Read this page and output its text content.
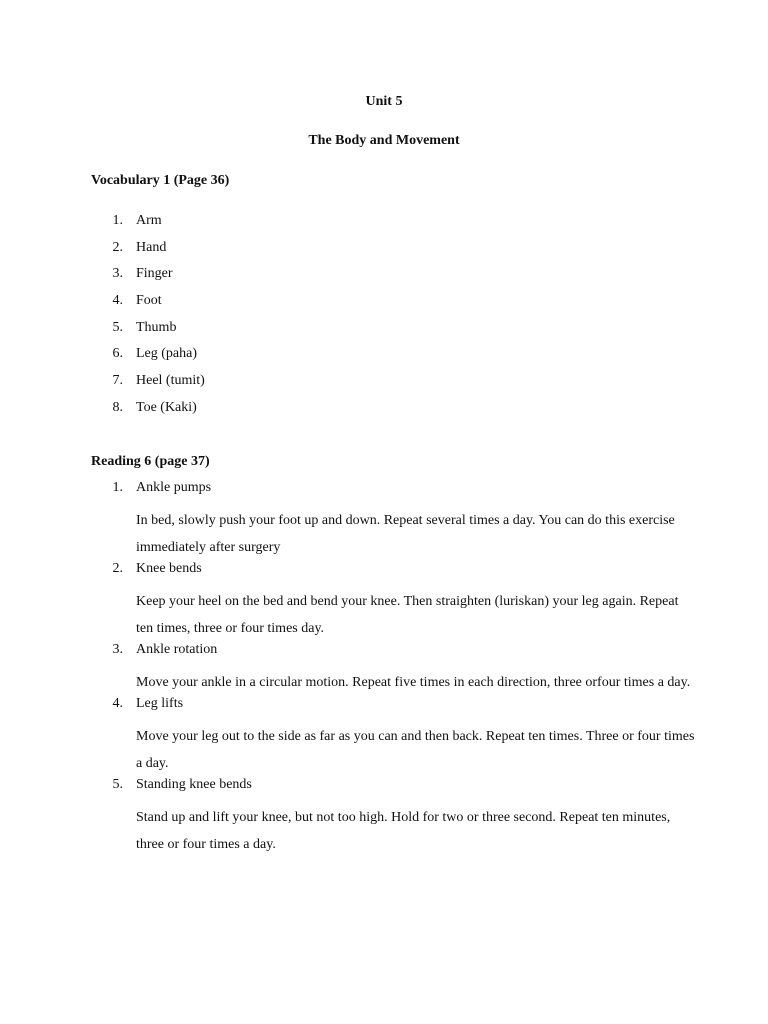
Unit 5
The Body and Movement
Vocabulary 1 (Page 36)
1. Arm
2. Hand
3. Finger
4. Foot
5. Thumb
6. Leg (paha)
7. Heel (tumit)
8. Toe (Kaki)
Reading 6 (page 37)
1. Ankle pumps
In bed, slowly push your foot up and down. Repeat several times a day. You can do this exercise immediately after surgery
2. Knee bends
Keep your heel on the bed and bend your knee. Then straighten (luriskan) your leg again. Repeat ten times, three or four times day.
3. Ankle rotation
Move your ankle in a circular motion. Repeat five times in each direction, three orfour times a day.
4. Leg lifts
Move your leg out to the side as far as you can and then back. Repeat ten times. Three or four times a day.
5. Standing knee bends
Stand up and lift your knee, but not too high. Hold for two or three second. Repeat ten minutes, three or four times a day.
